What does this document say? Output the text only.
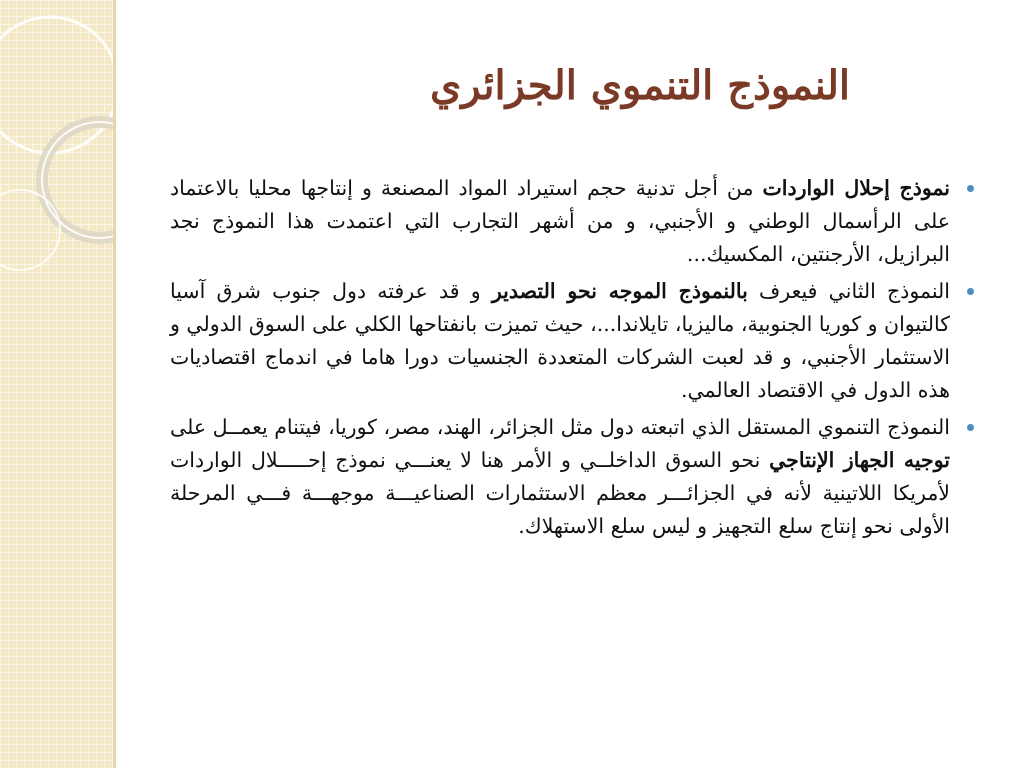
النموذج التنموي الجزائري
نموذج إحلال الواردات من أجل تدنية حجم استيراد المواد المصنعة و إنتاجها محليا بالاعتماد على الرأسمال الوطني و الأجنبي، و من أشهر التجارب التي اعتمدت هذا النموذج نجد البرازيل، الأرجنتين، المكسيك...
النموذج الثاني فيعرف بالنموذج الموجه نحو التصدير و قد عرفته دول جنوب شرق آسيا كالتيوان و كوريا الجنوبية، ماليزيا، تايلاندا...، حيث تميزت بانفتاحها الكلي على السوق الدولي و الاستثمار الأجنبي، و قد لعبت الشركات المتعددة الجنسيات دورا هاما في اندماج اقتصاديات هذه الدول في الاقتصاد العالمي.
النموذج التنموي المستقل الذي اتبعته دول مثل الجزائر، الهند، مصر، كوريا، فيتنام يعمــل على توجيه الجهاز الإنتاجي نحو السوق الداخلــي و الأمر هنا لا يعنـــي نموذج إحـــــلال الواردات لأمريكا اللاتينية لأنه في الجزائـــر معظم الاستثمارات الصناعيـــة موجهـــة فـــي المرحلة الأولى نحو إنتاج سلع التجهيز و ليس سلع الاستهلاك.
